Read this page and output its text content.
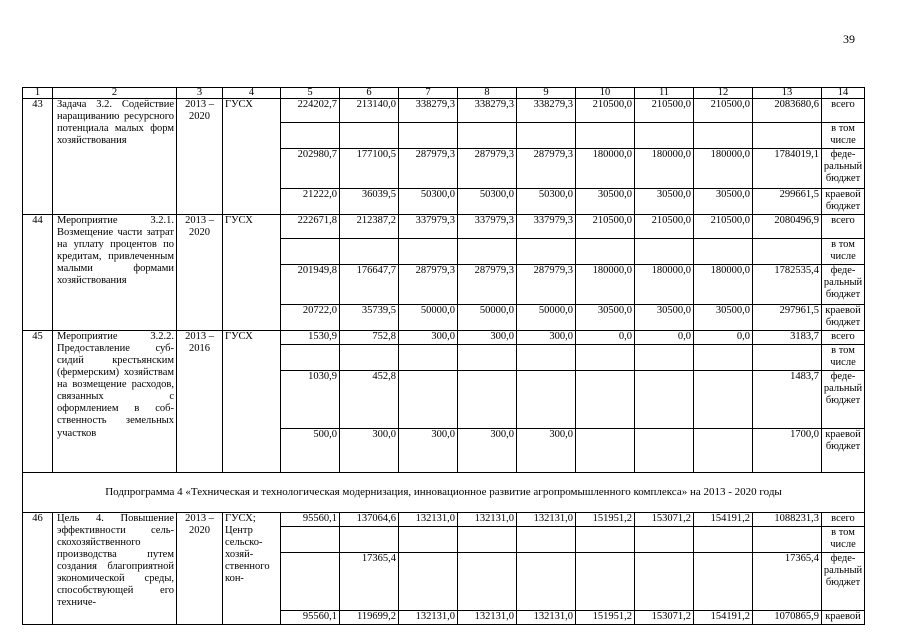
39
1	2	3	4	5	6	7	8	9	10	11	12	13	14
43	Задача 3.2. Содействие наращиванию ресурсного потенциала малых форм хозяйствования	2013 – 2020	ГУСХ	224202,7	213140,0	338279,3	338279,3	338279,3	210500,0	210500,0	210500,0	2083680,6	всего
													в том числе
				202980,7	177100,5	287979,3	287979,3	287979,3	180000,0	180000,0	180000,0	1784019,1	федеральный бюджет
				21222,0	36039,5	50300,0	50300,0	50300,0	30500,0	30500,0	30500,0	299661,5	краевой бюджет
44	Мероприятие 3.2.1. Возмещение части затрат на уплату процентов по кредитам, привлеченным малыми формами хозяйствования	2013 – 2020	ГУСХ	222671,8	212387,2	337979,3	337979,3	337979,3	210500,0	210500,0	210500,0	2080496,9	всего
													в том числе
				201949,8	176647,7	287979,3	287979,3	287979,3	180000,0	180000,0	180000,0	1782535,4	федеральный бюджет
				20722,0	35739,5	50000,0	50000,0	50000,0	30500,0	30500,0	30500,0	297961,5	краевой бюджет
45	Мероприятие 3.2.2. Предоставление субсидий крестьянским (фермерским) хозяйствам на возмещение расходов, связанных с оформлением в собственность земельных участков	2013 – 2016	ГУСХ	1530,9	752,8	300,0	300,0	300,0	0,0	0,0	0,0	3183,7	всего
													в том числе
				1030,9	452,8							1483,7	федеральный бюджет
				500,0	300,0	300,0	300,0	300,0				1700,0	краевой бюджет
Подпрограмма 4 «Техническая и технологическая модернизация, инновационное развитие агропромышленного комплекса» на 2013 - 2020 годы													
46	Цель 4. Повышение эффективности сельскохозяйственного производства путем создания благоприятной экономической среды, способствующей его техниче-	2013 – 2020	ГУСХ; Центр сельскохозяйственного кон-	95560,1	137064,6	132131,0	132131,0	132131,0	151951,2	153071,2	154191,2	1088231,3	всего
													в том числе
					17365,4							17365,4	федеральный бюджет
				95560,1	119699,2	132131,0	132131,0	132131,0	151951,2	153071,2	154191,2	1070865,9	краевой
